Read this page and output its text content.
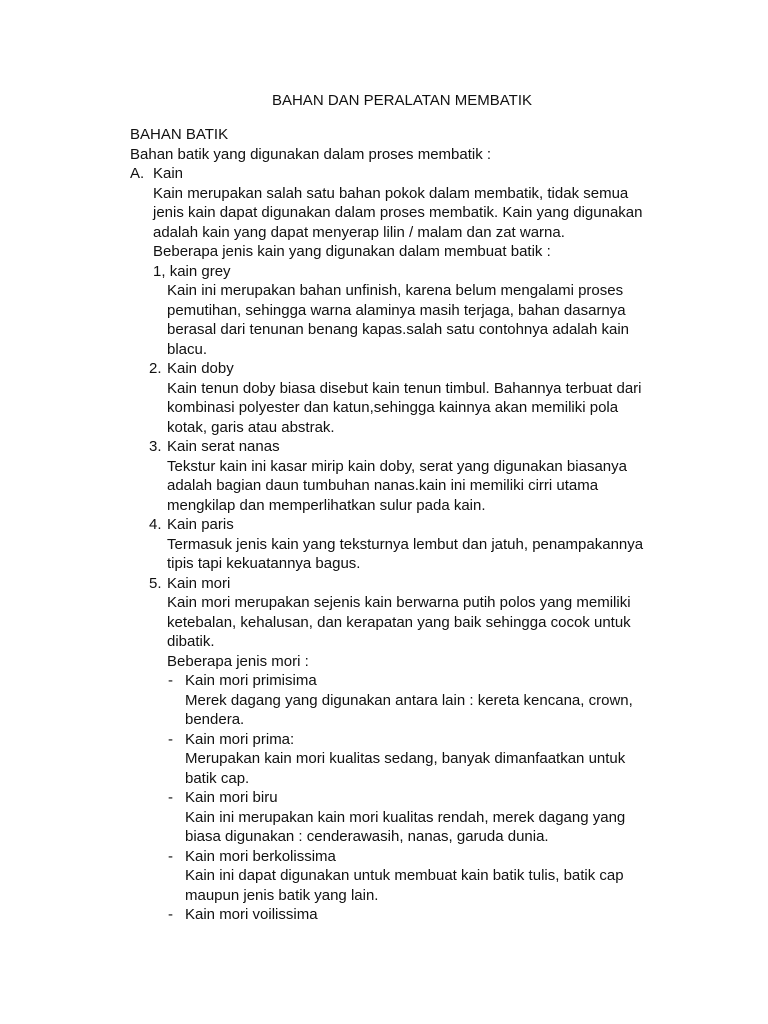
BAHAN DAN PERALATAN MEMBATIK
BAHAN BATIK
Bahan batik yang digunakan dalam proses membatik :
A. Kain
Kain merupakan salah satu bahan pokok dalam membatik, tidak semua
jenis kain dapat digunakan dalam proses membatik. Kain yang digunakan
adalah kain yang dapat menyerap lilin / malam dan zat warna.
Beberapa jenis kain yang digunakan dalam membuat batik :
1, kain grey
Kain ini merupakan bahan unfinish, karena belum mengalami proses
pemutihan, sehingga warna alaminya masih terjaga, bahan dasarnya
berasal dari tenunan benang kapas.salah satu contohnya adalah kain
blacu.
2. Kain doby
Kain tenun doby biasa disebut kain tenun timbul. Bahannya terbuat dari
kombinasi polyester dan katun,sehingga kainnya akan memiliki pola
kotak, garis atau abstrak.
3. Kain serat nanas
Tekstur kain ini kasar mirip kain doby, serat yang digunakan biasanya
adalah bagian daun tumbuhan nanas.kain ini memiliki cirri utama
mengkilap dan memperlihatkan sulur pada kain.
4. Kain paris
Termasuk jenis kain yang teksturnya lembut dan jatuh, penampakannya
tipis tapi kekuatannya bagus.
5. Kain mori
Kain mori merupakan sejenis kain berwarna putih polos yang memiliki
ketebalan, kehalusan, dan kerapatan yang baik sehingga cocok untuk
dibatik.
Beberapa jenis mori :
- Kain mori primisima
Merek dagang yang digunakan antara lain : kereta kencana, crown,
bendera.
- Kain mori prima:
Merupakan kain mori kualitas sedang, banyak dimanfaatkan untuk
batik cap.
- Kain mori biru
Kain ini merupakan kain mori kualitas rendah, merek dagang yang
biasa digunakan : cenderawasih, nanas, garuda dunia.
- Kain mori berkolissima
Kain ini dapat digunakan untuk membuat kain batik tulis, batik cap
maupun jenis batik yang lain.
- Kain mori voilissima
